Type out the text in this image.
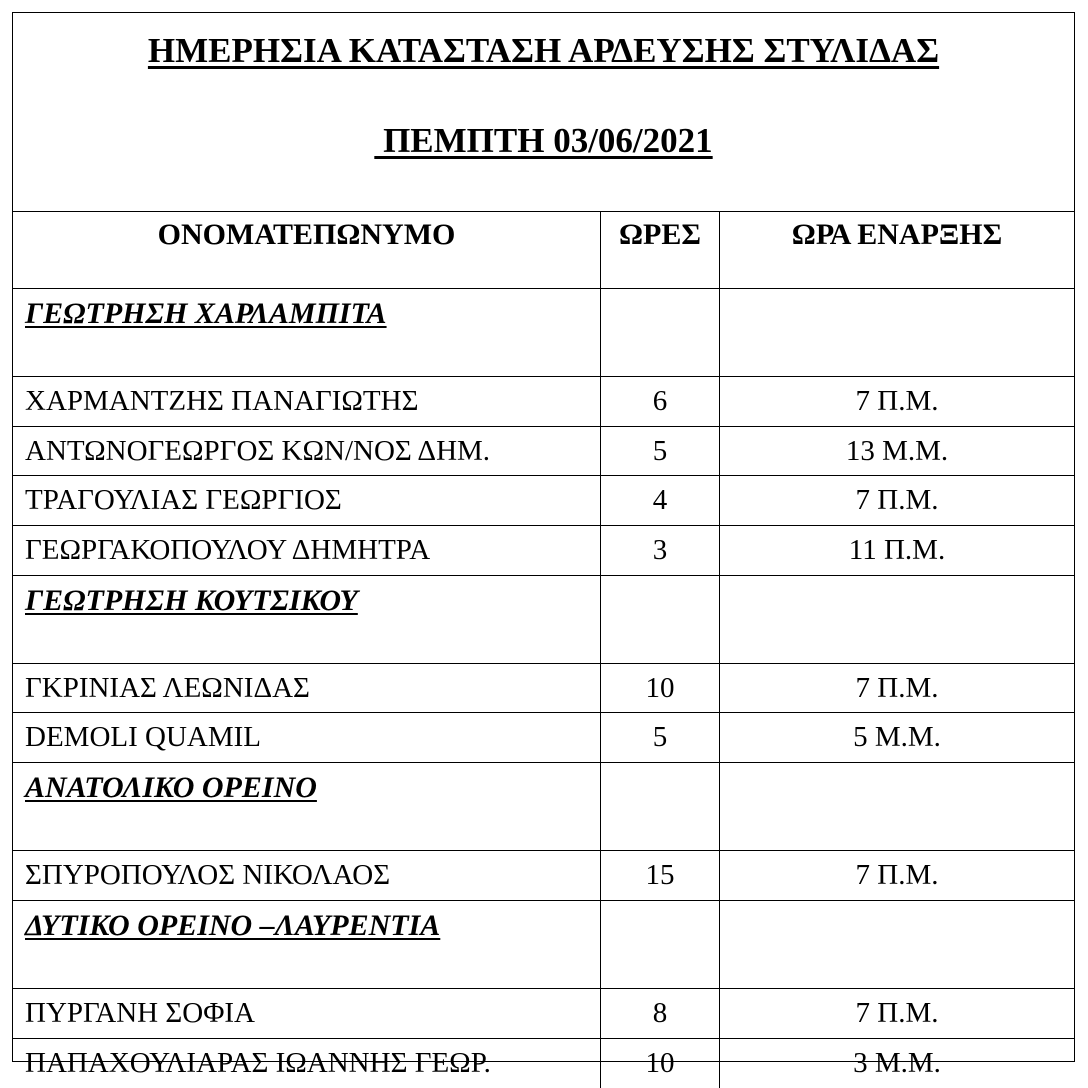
ΗΜΕΡΗΣΙΑ ΚΑΤΑΣΤΑΣΗ ΑΡΔΕΥΣΗΣ ΣΤΥΛΙΔΑΣ
ΠΕΜΠΤΗ 03/06/2021
ΟΝΟΜΑΤΕΠΩΝΥΜΟ	ΩΡΕΣ	ΩΡΑ ΕΝΑΡΞΗΣ
ΓΕΩΤΡΗΣΗ ΧΑΡΛΑΜΠΙΤΑ
ΧΑΡΜΑΝΤΖΗΣ ΠΑΝΑΓΙΩΤΗΣ	6	7 Π.Μ.
ΑΝΤΩΝΟΓΕΩΡΓΟΣ ΚΩΝ/ΝΟΣ ΔΗΜ.	5	13 Μ.Μ.
ΤΡΑΓΟΥΛΙΑΣ ΓΕΩΡΓΙΟΣ	4	7 Π.Μ.
ΓΕΩΡΓΑΚΟΠΟΥΛΟΥ ΔΗΜΗΤΡΑ	3	11 Π.Μ.
ΓΕΩΤΡΗΣΗ ΚΟΥΤΣΙΚΟΥ
ΓΚΡΙΝΙΑΣ ΛΕΩΝΙΔΑΣ	10	7 Π.Μ.
DEMOLI QUAMIL	5	5 Μ.Μ.
ΑΝΑΤΟΛΙΚΟ ΟΡΕΙΝΟ
ΣΠΥΡΟΠΟΥΛΟΣ ΝΙΚΟΛΑΟΣ	15	7 Π.Μ.
ΔΥΤΙΚΟ ΟΡΕΙΝΟ –ΛΑΥΡΕΝΤΙΑ
ΠΥΡΓΑΝΗ ΣΟΦΙΑ	8	7 Π.Μ.
ΠΑΠΑΧΟΥΛΙΑΡΑΣ ΙΩΑΝΝΗΣ ΓΕΩΡ.	10	3 Μ.Μ.
